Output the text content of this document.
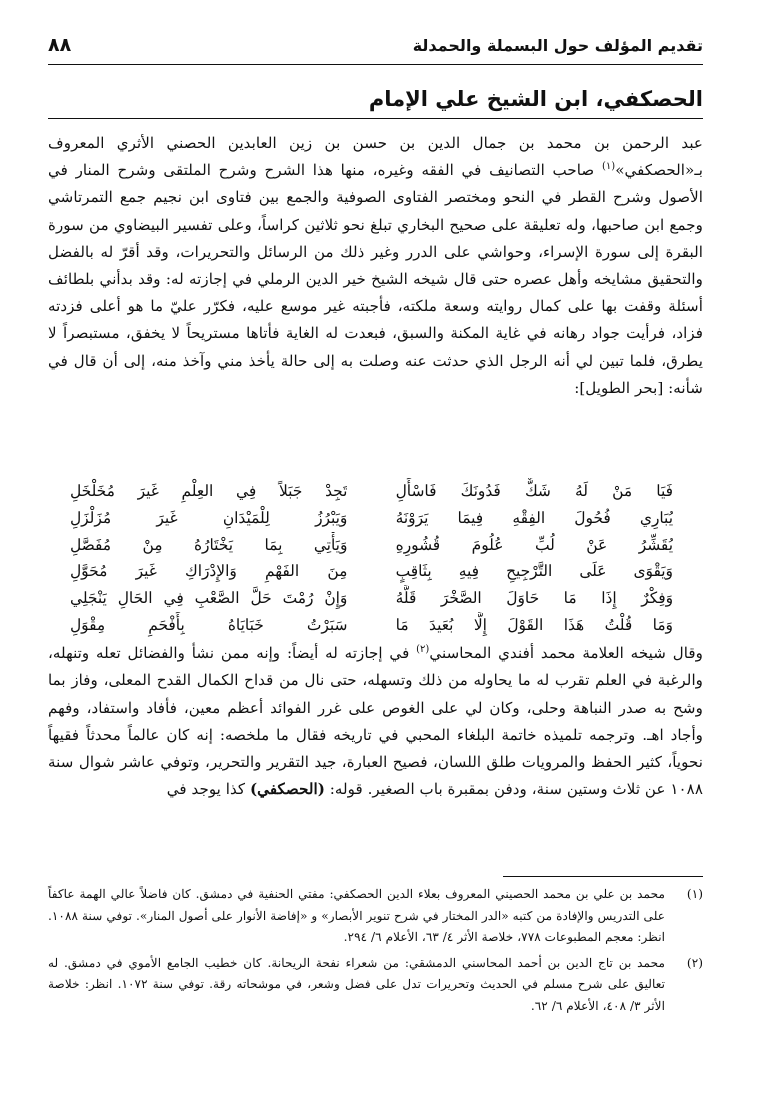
تقديم المؤلف حول البسملة والحمدلة
٨٨
الحصكفي، ابن الشيخ علي الإمام

عبد الرحمن بن محمد بن جمال الدين بن حسن بن زين العابدين الحصني الأثري المعروف بـ«الحصكفي»$^{(١)}$ صاحب التصانيف في الفقه وغيره، منها هذا الشرح وشرح الملتقى وشرح المنار في الأصول وشرح القطر في النحو ومختصر الفتاوى الصوفية والجمع بين فتاوى ابن نجيم جمع التمرتاشي وجمع ابن صاحبها، وله تعليقة على صحيح البخاري تبلغ نحو ثلاثين كراساً، وعلى تفسير البيضاوي من سورة البقرة إلى سورة الإسراء، وحواشي على الدرر وغير ذلك من الرسائل والتحريرات، وقد أقرّ له بالفضل والتحقيق مشايخه وأهل عصره حتى قال شيخه الشيخ خير الدين الرملي في إجازته له: وقد بدأني بلطائف أسئلة وقفت بها على كمال روايته وسعة ملكته، فأجبته غير موسع عليه، فكرّر عليّ ما هو أعلى فزدته فزاد، فرأيت جواد رهانه في غاية المكنة والسبق، فبعدت له الغاية فأتاها مستريحاً لا يخفق، مستبصراً لا يطرق، فلما تبين لي أنه الرجل الذي حدثت عنه وصلت به إلى حالة يأخذ مني وآخذ منه، إلى أن قال في شأنه: [بحر الطويل]:

فَيَا مَنْ لَهُ شَكٌّ فَدُونَكَ فَاسْأَلِ
تَجِدْ جَبَلاً فِي العِلْمِ غَيرَ مُخَلْخَلِ
يُبَارِي فُحُولَ الفِقْهِ فِيمَا يَرَوْنَهُ
وَيَبْرُزُ لِلْمَيْدَانِ غَيرَ مُزَلْزَلِ
يُقَشِّرُ عَنْ لُبِّ عُلُومَ قُشُورِهِ
وَيَأْتِي بِمَا يَخْتَارُهُ مِنْ مُفَصَّلِ
وَيَقْوَى عَلَى التَّرْجِيحِ فِيهِ بِثَاقِبٍ
مِنَ الفَهْمِ وَالإِدْرَاكِ غَيرَ مُحَوَّلِ
وَفِكْرٌ إِذَا مَا حَاوَلَ الصَّخْرَ قَلَّهُ
وَإِنْ رُمْتَ حَلَّ الصَّعْبِ فِي الحَالِ يَنْجَلِي
وَمَا قُلْتُ هَذَا القَوْلَ إِلَّا بُعَيدَ مَا
سَبَرْتُ خَبَايَاهُ بِأَفْحَمِ مِقْوَلِ

وقال شيخه العلامة محمد أفندي المحاسني$^{(٢)}$ في إجازته له أيضاً: وإنه ممن نشأ والفضائل تعله وتنهله، والرغبة في العلم تقرب له ما يحاوله من ذلك وتسهله، حتى نال من قداح الكمال القدح المعلى، وفاز بما وشح به صدر النباهة وحلى، وكان لي على الغوص على غرر الفوائد أعظم معين، فأفاد واستفاد، وفهم وأجاد اهـ. وترجمه تلميذه خاتمة البلغاء المحبي في تاريخه فقال ما ملخصه: إنه كان عالماً محدثاً فقيهاً نحوياً، كثير الحفظ والمرويات طلق اللسان، فصيح العبارة، جيد التقرير والتحرير، وتوفي عاشر شوال سنة ١٠٨٨ عن ثلاث وستين سنة، ودفن بمقبرة باب الصغير. قوله: (الحصكفي) كذا يوجد في

(١)
محمد بن علي بن محمد الحصيني المعروف بعلاء الدين الحصكفي: مفتي الحنفية في دمشق. كان فاضلاً عالي الهمة عاكفاً على التدريس والإفادة من كتبه «الدر المختار في شرح تنوير الأبصار» و «إفاضة الأنوار على أصول المنار». توفي سنة ١٠٨٨. انظر: معجم المطبوعات ٧٧٨، خلاصة الأثر ٤/ ٦٣، الأعلام ٦/ ٢٩٤.
(٢)
محمد بن تاج الدين بن أحمد المحاسني الدمشقي: من شعراء نفحة الريحانة. كان خطيب الجامع الأموي في دمشق. له تعاليق على شرح مسلم في الحديث وتحريرات تدل على فضل وشعر، في موشحاته رقة. توفي سنة ١٠٧٢. انظر: خلاصة الأثر ٣/ ٤٠٨، الأعلام ٦/ ٦٢.
